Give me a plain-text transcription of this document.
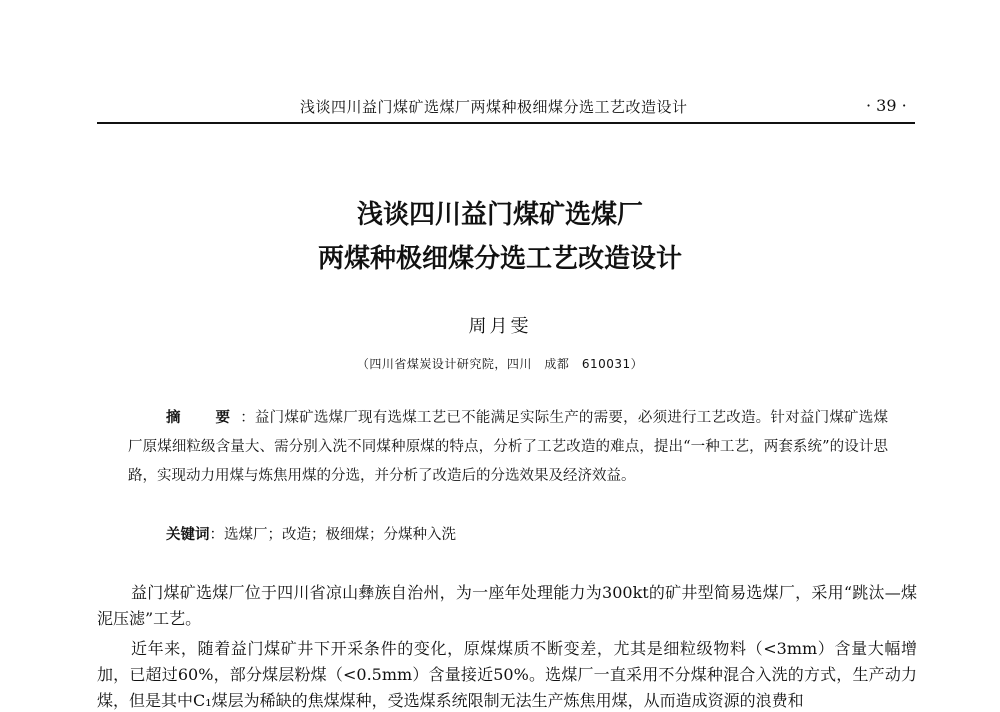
浅谈四川益门煤矿选煤厂两煤种极细煤分选工艺改造设计	· 39 ·
浅谈四川益门煤矿选煤厂
两煤种极细煤分选工艺改造设计
周月雯
（四川省煤炭设计研究院，四川　成都　610031）
摘　要：益门煤矿选煤厂现有选煤工艺已不能满足实际生产的需要，必须进行工艺改造。针对益门煤矿选煤厂原煤细粒级含量大、需分别入洗不同煤种原煤的特点，分析了工艺改造的难点，提出“一种工艺，两套系统”的设计思路，实现动力用煤与炼焦用煤的分选，并分析了改造后的分选效果及经济效益。
关键词：选煤厂；改造；极细煤；分煤种入洗

益门煤矿选煤厂位于四川省凉山彝族自治州，为一座年处理能力为300kt的矿井型简易选煤厂，采用“跳汰—煤泥压滤”工艺。

近年来，随着益门煤矿井下开采条件的变化，原煤煤质不断变差，尤其是细粒级物料（<3mm）含量大幅增加，已超过60%，部分煤层粉煤（<0.5mm）含量接近50%。选煤厂一直采用不分煤种混合入洗的方式，生产动力煤，但是其中C₁煤层为稀缺的焦煤煤种，受选煤系统限制无法生产炼焦用煤，从而造成资源的浪费和
